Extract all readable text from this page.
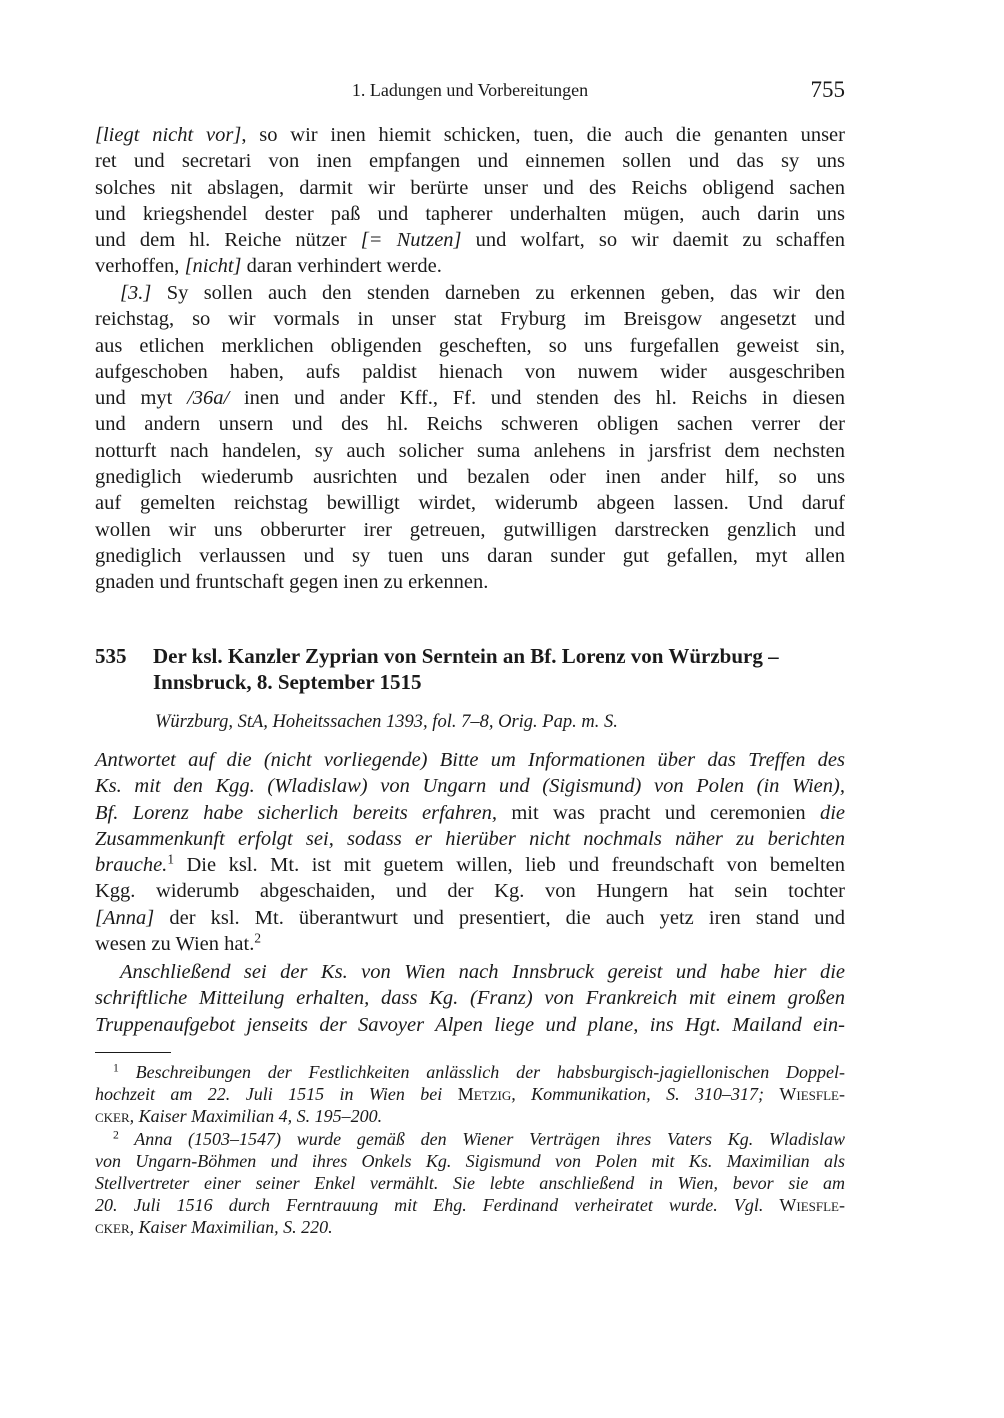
1. Ladungen und Vorbereitungen	755
[liegt nicht vor], so wir inen hiemit schicken, tuen, die auch die genanten unser
ret und secretari von inen empfangen und einnemen sollen und das sy uns
solches nit abslagen, darmit wir berürte unser und des Reichs obligend sachen
und kriegshendel dester paß und tapherer underhalten mügen, auch darin uns
und dem hl. Reiche nützer [= Nutzen] und wolfart, so wir daemit zu schaffen
verhoffen, [nicht] daran verhindert werde.
[3.] Sy sollen auch den stenden darneben zu erkennen geben, das wir den
reichstag, so wir vormals in unser stat Fryburg im Breisgow angesetzt und
aus etlichen merklichen obligenden gescheften, so uns furgefallen geweist sin,
aufgeschoben haben, aufs paldist hienach von nuwem wider ausgeschriben
und myt /36a/ inen und ander Kff., Ff. und stenden des hl. Reichs in diesen
und andern unsern und des hl. Reichs schweren obligen sachen verrer der
notturft nach handelen, sy auch solicher suma anlehens in jarsfrist dem nechsten
gnediglich wiederumb ausrichten und bezalen oder inen ander hilf, so uns
auf gemelten reichstag bewilligt wirdet, widerumb abgeen lassen. Und daruf
wollen wir uns obberurter irer getreuen, gutwilligen darstrecken genzlich und
gnediglich verlaussen und sy tuen uns daran sunder gut gefallen, myt allen
gnaden und fruntschaft gegen inen zu erkennen.
535 Der ksl. Kanzler Zyprian von Serntein an Bf. Lorenz von Würzburg –
Innsbruck, 8. September 1515
Würzburg, StA, Hoheitssachen 1393, fol. 7–8, Orig. Pap. m. S.
Antwortet auf die (nicht vorliegende) Bitte um Informationen über das Treffen des
Ks. mit den Kgg. (Wladislaw) von Ungarn und (Sigismund) von Polen (in Wien),
Bf. Lorenz habe sicherlich bereits erfahren, mit was pracht und ceremonien die
Zusammenkunft erfolgt sei, sodass er hierüber nicht nochmals näher zu berichten
brauche.$^1$ Die ksl. Mt. ist mit guetem willen, lieb und freundschaft von bemelten
Kgg. widerumb abgeschaiden, und der Kg. von Hungern hat sein tochter
[Anna] der ksl. Mt. überantwurt und presentiert, die auch yetz iren stand und
wesen zu Wien hat.$^2$
Anschließend sei der Ks. von Wien nach Innsbruck gereist und habe hier die
schriftliche Mitteilung erhalten, dass Kg. (Franz) von Frankreich mit einem großen
Truppenaufgebot jenseits der Savoyer Alpen liege und plane, ins Hgt. Mailand ein-
$^1$ Beschreibungen der Festlichkeiten anlässlich der habsburgisch-jagiellonischen Doppel-
hochzeit am 22. Juli 1515 in Wien bei Metzig, Kommunikation, S. 310–317; Wiesfle-
cker, Kaiser Maximilian 4, S. 195–200.
$^2$ Anna (1503–1547) wurde gemäß den Wiener Verträgen ihres Vaters Kg. Wladislaw
von Ungarn-Böhmen und ihres Onkels Kg. Sigismund von Polen mit Ks. Maximilian als
Stellvertreter einer seiner Enkel vermählt. Sie lebte anschließend in Wien, bevor sie am
20. Juli 1516 durch Ferntrauung mit Ehg. Ferdinand verheiratet wurde. Vgl. Wiesfle-
cker, Kaiser Maximilian, S. 220.
